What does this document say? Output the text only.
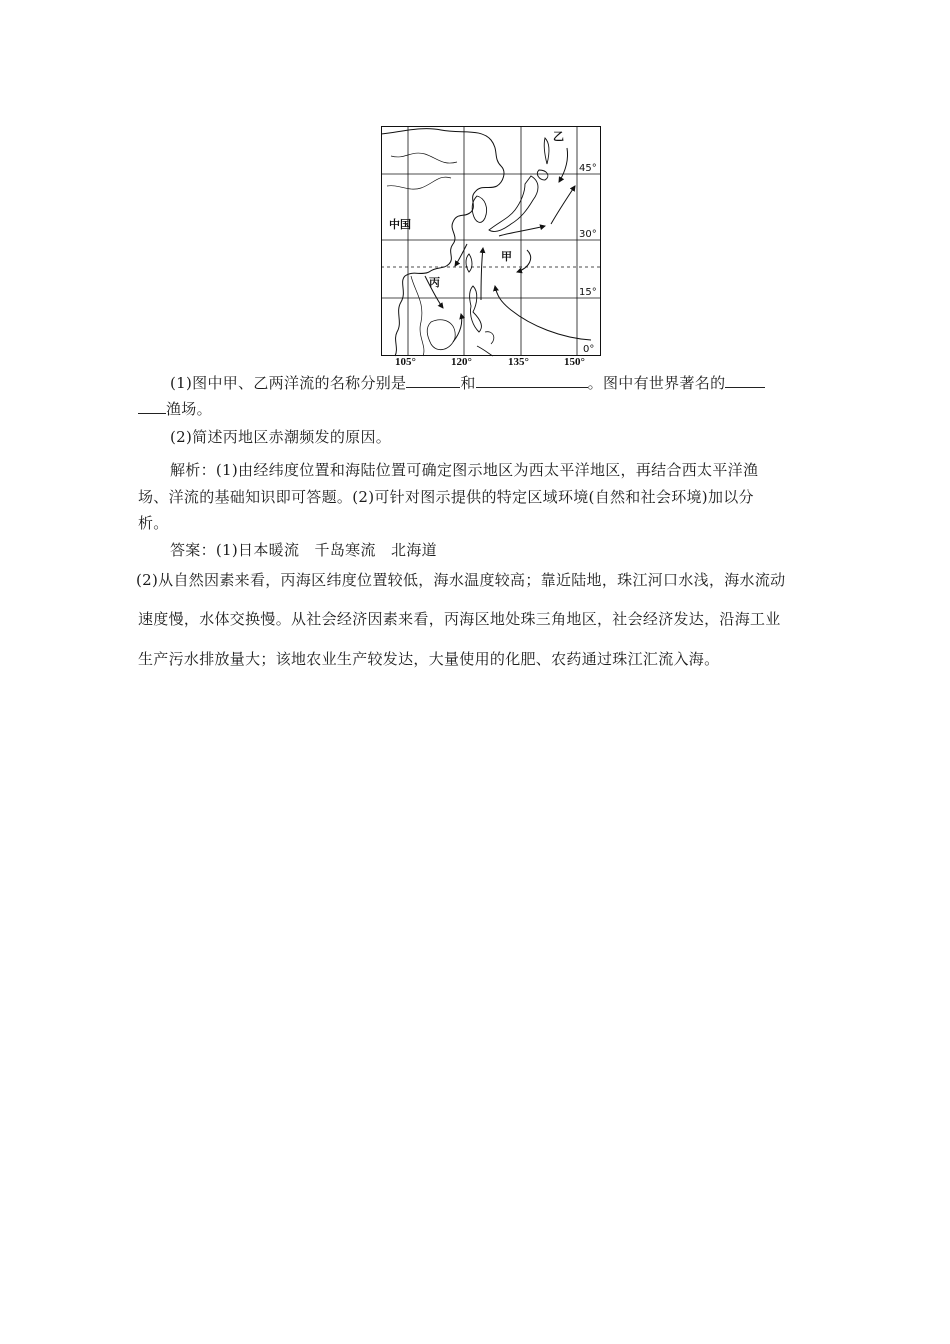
中国
乙
甲
丙
45°
30°
15°
0°
105°	120°	135°	150°
(1)图中甲、乙两洋流的名称分别是	和	。图中有世界著名的
渔场。
(2)简述丙地区赤潮频发的原因。
解析：(1)由经纬度位置和海陆位置可确定图示地区为西太平洋地区，再结合西太平洋渔
场、洋流的基础知识即可答题。(2)可针对图示提供的特定区域环境(自然和社会环境)加以分
析。
答案：(1)日本暖流　千岛寒流　北海道
(2)从自然因素来看，丙海区纬度位置较低，海水温度较高；靠近陆地，珠江河口水浅，海水流动
速度慢，水体交换慢。从社会经济因素来看，丙海区地处珠三角地区，社会经济发达，沿海工业
生产污水排放量大；该地农业生产较发达，大量使用的化肥、农药通过珠江汇流入海。
